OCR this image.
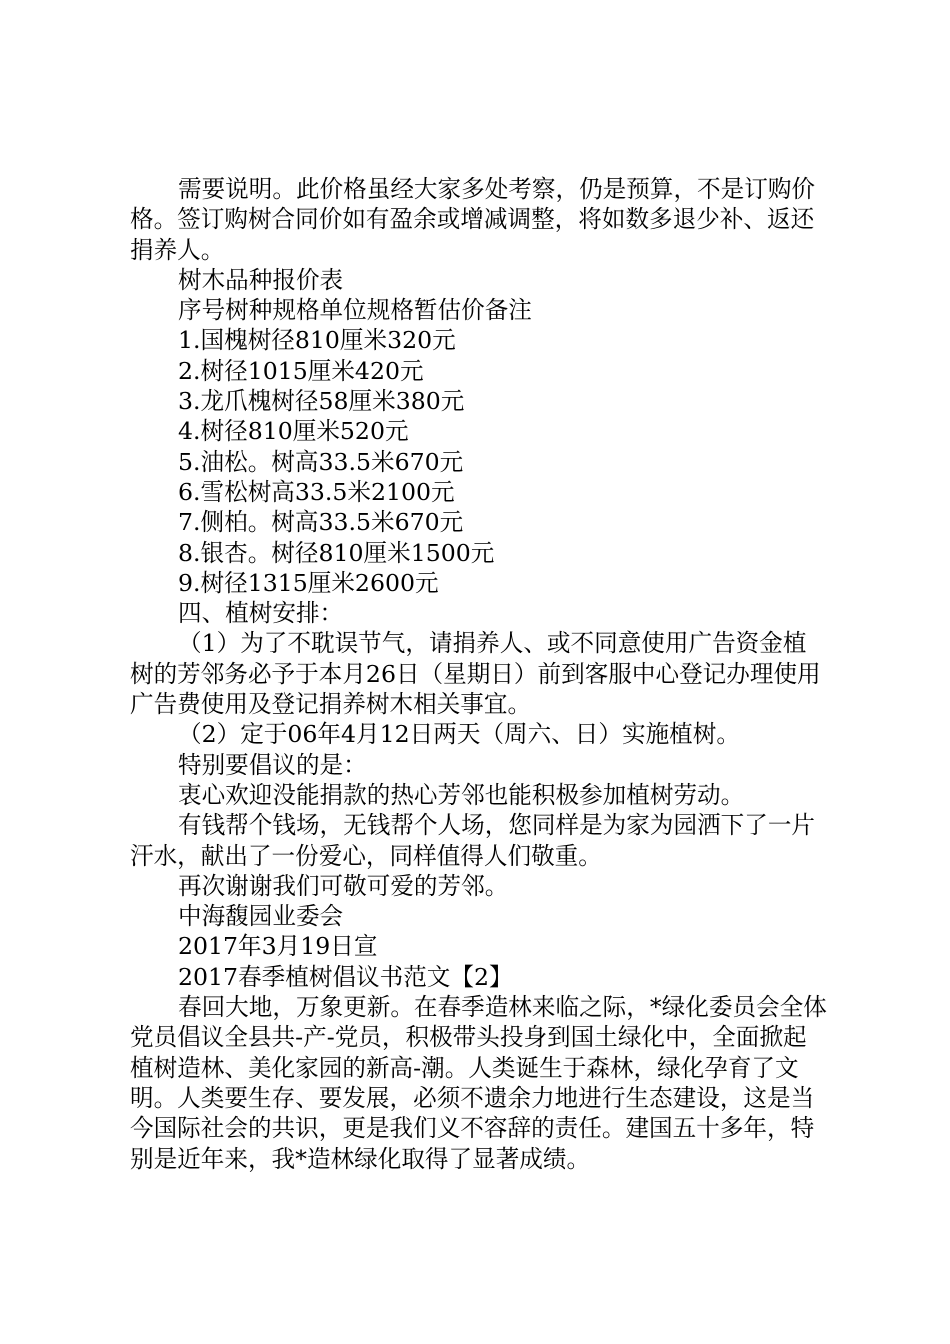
需要说明。此价格虽经大家多处考察，仍是预算，不是订购价格。签订购树合同价如有盈余或增减调整，将如数多退少补、返还捐养人。

树木品种报价表

序号树种规格单位规格暂估价备注

1.国槐树径810厘米320元

2.树径1015厘米420元

3.龙爪槐树径58厘米380元

4.树径810厘米520元

5.油松。树高33.5米670元

6.雪松树高33.5米2100元

7.侧柏。树高33.5米670元

8.银杏。树径810厘米1500元

9.树径1315厘米2600元

四、植树安排：

（1）为了不耽误节气，请捐养人、或不同意使用广告资金植树的芳邻务必予于本月26日（星期日）前到客服中心登记办理使用广告费使用及登记捐养树木相关事宜。

（2）定于06年4月12日两天（周六、日）实施植树。

特别要倡议的是：

衷心欢迎没能捐款的热心芳邻也能积极参加植树劳动。

有钱帮个钱场，无钱帮个人场，您同样是为家为园洒下了一片汗水，献出了一份爱心，同样值得人们敬重。

再次谢谢我们可敬可爱的芳邻。

中海馥园业委会

2017年3月19日宣

2017春季植树倡议书范文【2】

春回大地，万象更新。在春季造林来临之际，*绿化委员会全体党员倡议全县共-产-党员，积极带头投身到国土绿化中，全面掀起植树造林、美化家园的新高-潮。人类诞生于森林，绿化孕育了文明。人类要生存、要发展，必须不遗余力地进行生态建设，这是当今国际社会的共识，更是我们义不容辞的责任。建国五十多年，特别是近年来，我*造林绿化取得了显著成绩。
